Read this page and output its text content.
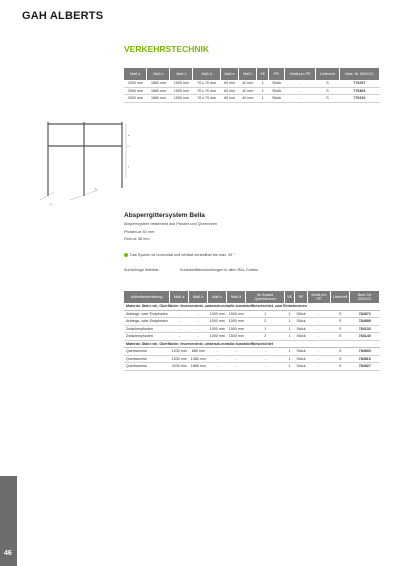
GAH ALBERTS
VERKEHRSTECHNIK
Maß a	Maß b	Maß c	Maß d	Maß e	Maß f	VE	PE	Inhalt pro PE	Lieferzeit	Best.-Nr. 650XXX
2000 mm	1860 mm	1500 mm	70 x 70 mm	60 mm	40 mm	1	Stück	-	S	770297
2500 mm	1860 mm	1500 mm	70 x 70 mm	60 mm	40 mm	1	Stück	-	S	770303
3000 mm	1860 mm	1500 mm	70 x 70 mm	60 mm	40 mm	1	Stück	-	S	770310
a
b
e
f
Absperrgittersystem Bella
Absperrsystem bestehend aus Pfosten und Querrohren
Pfosten-⌀: 60 mm
Rohr-⌀: 38 mm
Das System ist horizontal und vertikal verstellbar bis max. 45 °.
Auf Anfrage lieferbar:	Kunststoffbeschichtungen in allen RAL-Farben
Artikelbeschreibung	Maß a	Maß b	Maß c	Maß d	für Anzahl Querträveren	VE	PE	Inhalt pro PE	Lieferzeit	Best.-Nr. 650XXX
Material: Stahl roh, Oberfläche: feuerverzinkt, umbrauh-metallic kunststoffbeschichtet, zum Einbetonieren										
Anfangs- oder Endpfosten	-	-	1000 mm	1500 mm	1	1	Stück	-	S	784872
Anfangs- oder Endpfosten	-	-	1000 mm	1500 mm	2	1	Stück	-	S	784889
Zwischenpfosten	-	-	1000 mm	1500 mm	1	1	Stück	-	S	784133
Zwischenpfosten	-	-	1000 mm	1500 mm	2	1	Stück	-	S	784140
Material: Stahl roh, Oberfläche: feuerverzinkt, umbrauh-metallic kunststoffbeschichtet										
Quertraverse	1030 mm	885 mm	-	-	-	1	Stück	-	S	784803
Quertraverse	1530 mm	1385 mm	-	-	-	1	Stück	-	S	784810
Quertraverse	2030 mm	1885 mm	-	-	-	1	Stück	-	S	784827
46
